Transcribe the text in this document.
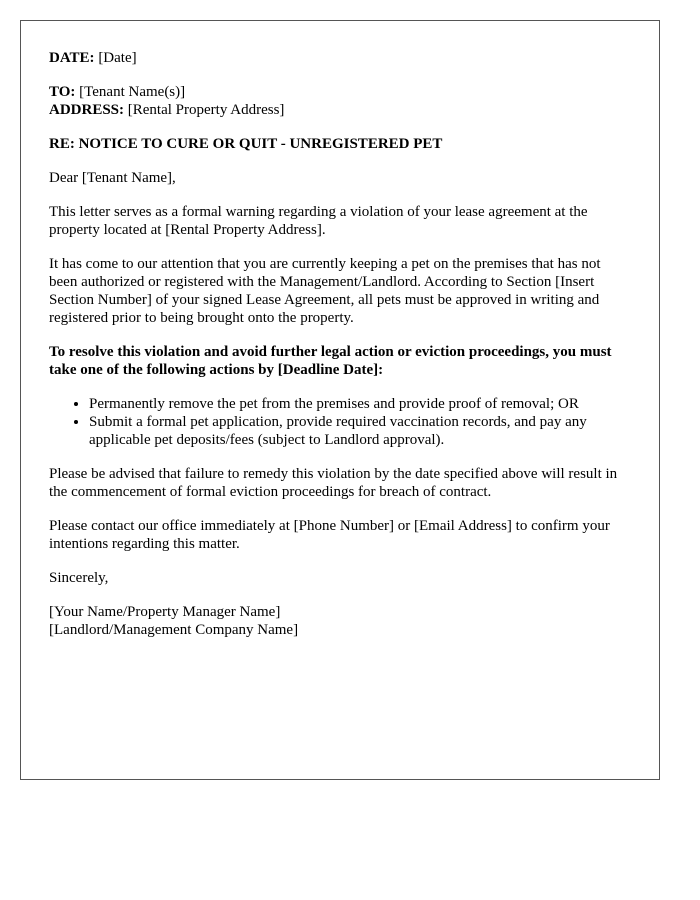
DATE: [Date]

TO: [Tenant Name(s)]
ADDRESS: [Rental Property Address]

RE: NOTICE TO CURE OR QUIT - UNREGISTERED PET

Dear [Tenant Name],

This letter serves as a formal warning regarding a violation of your lease agreement at the property located at [Rental Property Address].

It has come to our attention that you are currently keeping a pet on the premises that has not been authorized or registered with the Management/Landlord. According to Section [Insert Section Number] of your signed Lease Agreement, all pets must be approved in writing and registered prior to being brought onto the property.

To resolve this violation and avoid further legal action or eviction proceedings, you must take one of the following actions by [Deadline Date]:

• Permanently remove the pet from the premises and provide proof of removal; OR
• Submit a formal pet application, provide required vaccination records, and pay any applicable pet deposits/fees (subject to Landlord approval).

Please be advised that failure to remedy this violation by the date specified above will result in the commencement of formal eviction proceedings for breach of contract.

Please contact our office immediately at [Phone Number] or [Email Address] to confirm your intentions regarding this matter.

Sincerely,

[Your Name/Property Manager Name]
[Landlord/Management Company Name]
